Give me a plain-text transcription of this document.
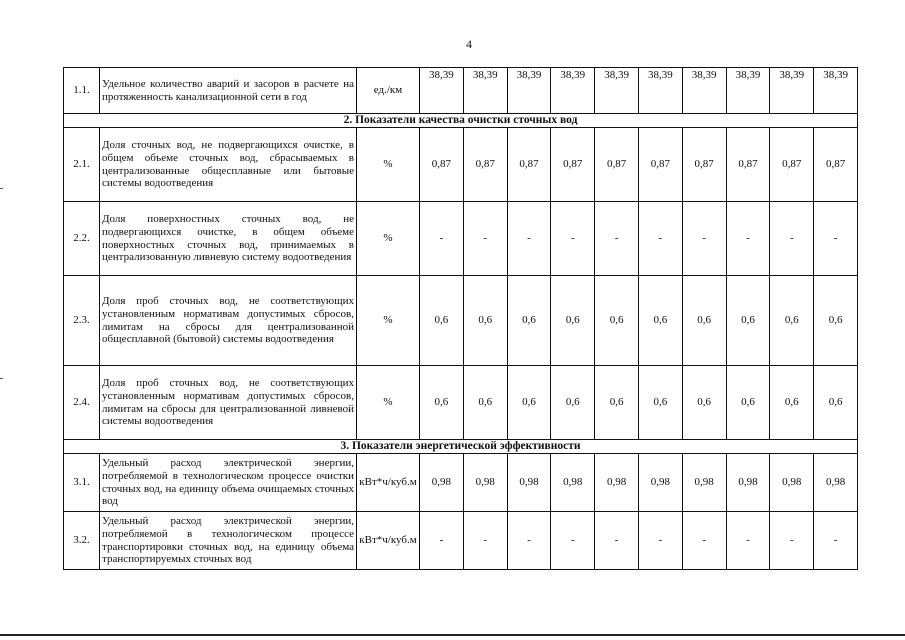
4
1.1.	Удельное количество аварий и засоров в расчете на протяженность канализационной сети в год	ед./км	38,39	38,39	38,39	38,39	38,39	38,39	38,39	38,39	38,39	38,39
2. Показатели качества очистки сточных вод												
2.1.	Доля сточных вод, не подвергающихся очистке, в общем объеме сточных вод, сбрасываемых в централизованные общесплавные или бытовые системы водоотведения	%	0,87	0,87	0,87	0,87	0,87	0,87	0,87	0,87	0,87	0,87
2.2.	Доля поверхностных сточных вод, не подвергающихся очистке, в общем объеме поверхностных сточных вод, принимаемых в централизованную ливневую систему водоотведения	%	-	-	-	-	-	-	-	-	-	-
2.3.	Доля проб сточных вод, не соответствующих установленным нормативам допустимых сбросов, лимитам на сбросы для централизованной общесплавной (бытовой) системы водоотведения	%	0,6	0,6	0,6	0,6	0,6	0,6	0,6	0,6	0,6	0,6
2.4.	Доля проб сточных вод, не соответствующих установленным нормативам допустимых сбросов, лимитам на сбросы для централизованной ливневой системы водоотведения	%	0,6	0,6	0,6	0,6	0,6	0,6	0,6	0,6	0,6	0,6
3. Показатели энергетической эффективности												
3.1.	Удельный расход электрической энергии, потребляемой в технологическом процессе очистки сточных вод, на единицу объема очищаемых сточных вод	кВт*ч/куб.м	0,98	0,98	0,98	0,98	0,98	0,98	0,98	0,98	0,98	0,98
3.2.	Удельный расход электрической энергии, потребляемой в технологическом процессе транспортировки сточных вод, на единицу объема транспортируемых сточных вод	кВт*ч/куб.м	-	-	-	-	-	-	-	-	-	-
